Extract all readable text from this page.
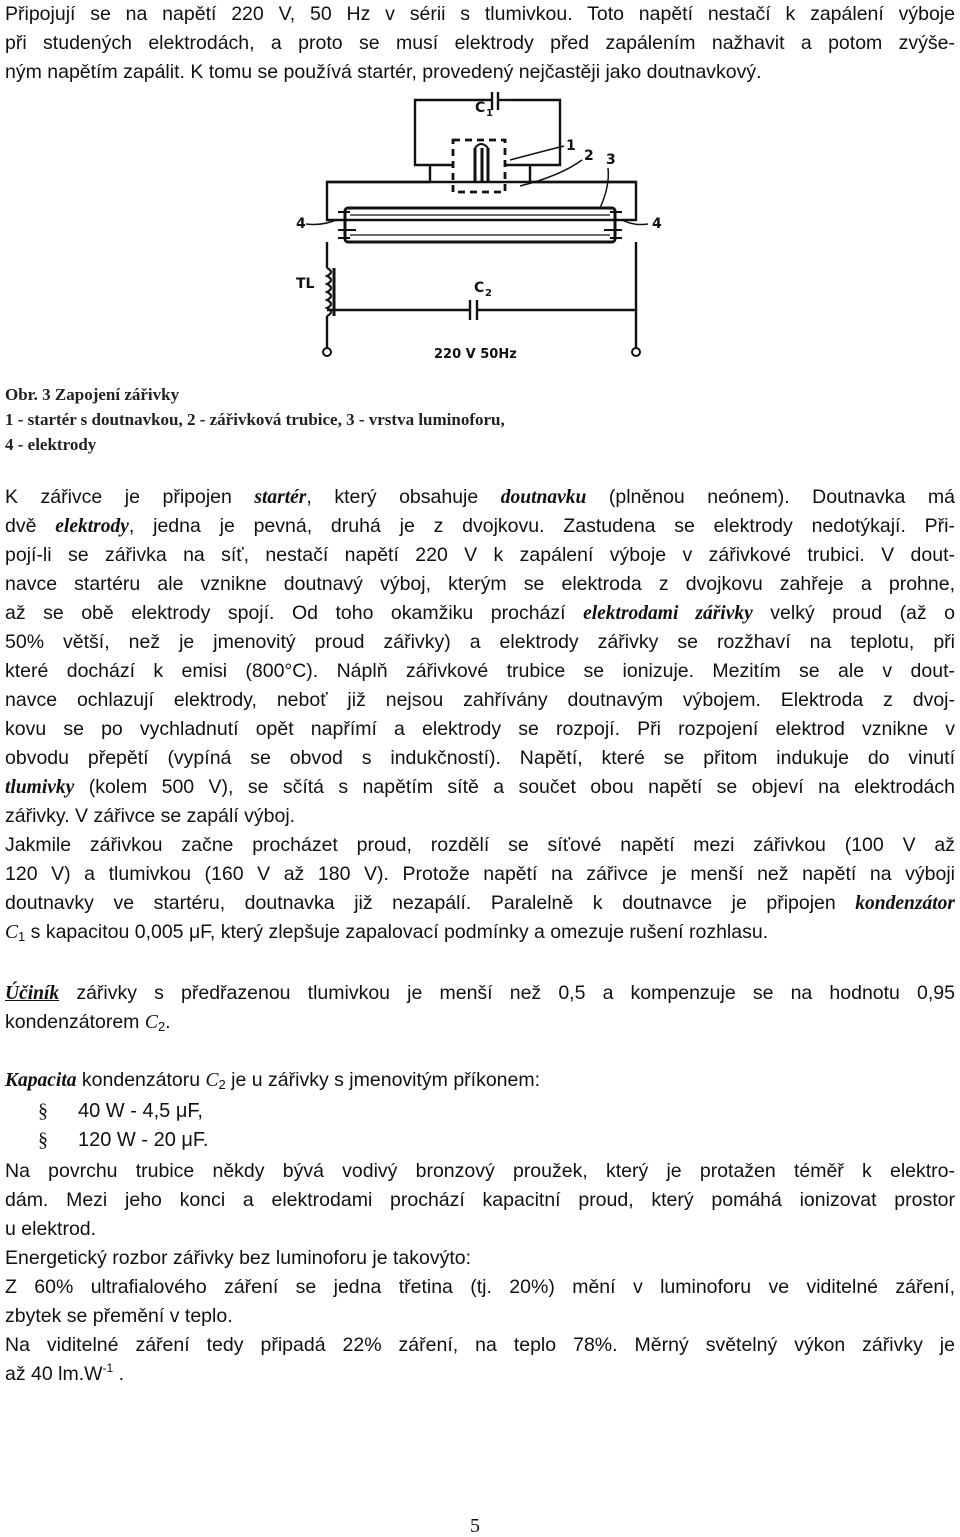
Připojují se na napětí 220 V, 50 Hz v sérii s tlumivkou. Toto napětí nestačí k zapálení výboje
při studených elektrodách, a proto se musí elektrody před zapálením nažhavit a potom zvýše-
ným napětím zapálit. K tomu se používá startér, provedený nejčastěji jako doutnavkový.
C 1
1
2 3
4	4
TL	C 2
220 V 50Hz
Obr. 3 Zapojení zářivky
1 - startér s doutnavkou, 2 - zářivková trubice, 3 - vrstva luminoforu,
4 - elektrody
K zářivce je připojen startér, který obsahuje doutnavku (plněnou neónem). Doutnavka má
dvě elektrody, jedna je pevná, druhá je z dvojkovu. Zastudena se elektrody nedotýkají. Při-
pojí-li se zářivka na síť, nestačí napětí 220 V k zapálení výboje v zářivkové trubici. V dout-
navce startéru ale vznikne doutnavý výboj, kterým se elektroda z dvojkovu zahřeje a prohne,
až se obě elektrody spojí. Od toho okamžiku prochází elektrodami zářivky velký proud (až o
50% větší, než je jmenovitý proud zářivky) a elektrody zářivky se rozžhaví na teplotu, při
které dochází k emisi (800°C). Náplň zářivkové trubice se ionizuje. Mezitím se ale v dout-
navce ochlazují elektrody, neboť již nejsou zahřívány doutnavým výbojem. Elektroda z dvoj-
kovu se po vychladnutí opět napřímí a elektrody se rozpojí. Při rozpojení elektrod vznikne v
obvodu přepětí (vypíná se obvod s indukčností). Napětí, které se přitom indukuje do vinutí
tlumivky (kolem 500 V), se sčítá s napětím sítě a součet obou napětí se objeví na elektrodách
zářivky. V zářivce se zapálí výboj.
Jakmile zářivkou začne procházet proud, rozdělí se síťové napětí mezi zářivkou (100 V až
120 V) a tlumivkou (160 V až 180 V). Protože napětí na zářivce je menší než napětí na výboji
doutnavky ve startéru, doutnavka již nezapálí. Paralelně k doutnavce je připojen kondenzátor
$C_1$ s kapacitou 0,005 μF, který zlepšuje zapalovací podmínky a omezuje rušení rozhlasu.
Účiník zářivky s předřazenou tlumivkou je menší než 0,5 a kompenzuje se na hodnotu 0,95
kondenzátorem $C_2$.
Kapacita kondenzátoru $C_2$ je u zářivky s jmenovitým příkonem:
§ 40 W - 4,5 μF,
§ 120 W - 20 μF.
Na povrchu trubice někdy bývá vodivý bronzový proužek, který je protažen téměř k elektro-
dám. Mezi jeho konci a elektrodami prochází kapacitní proud, který pomáhá ionizovat prostor
u elektrod.
Energetický rozbor zářivky bez luminoforu je takovýto:
Z 60% ultrafialového záření se jedna třetina (tj. 20%) mění v luminoforu ve viditelné záření,
zbytek se přemění v teplo.
Na viditelné záření tedy připadá 22% záření, na teplo 78%. Měrný světelný výkon zářivky je
až 40 $lm.W^{-1}$ .
5
